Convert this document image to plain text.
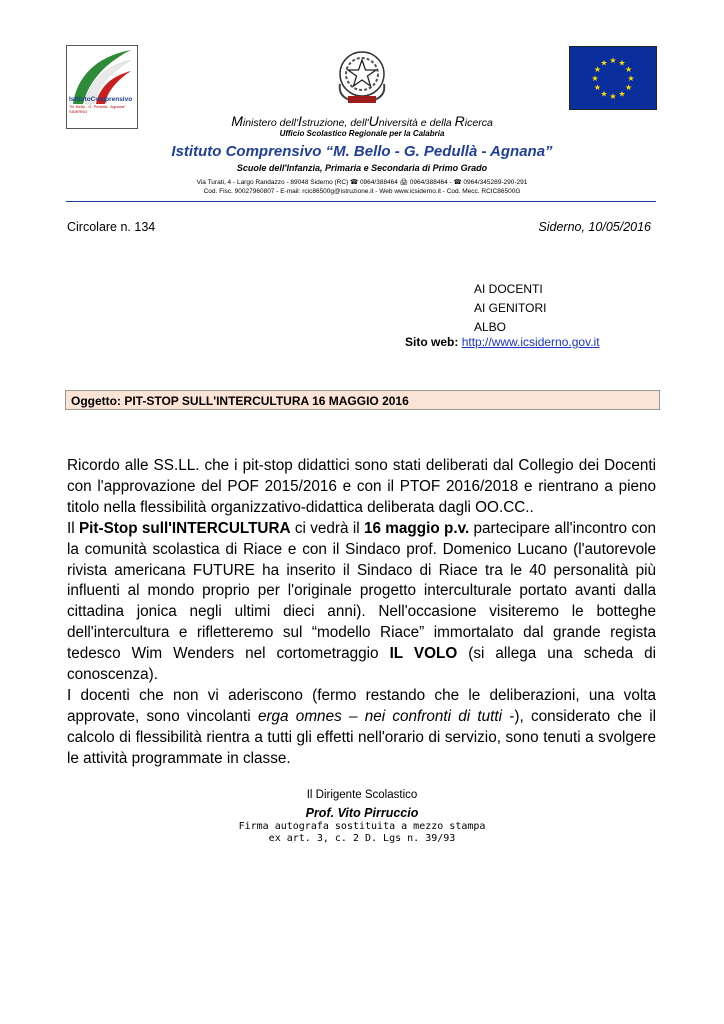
IstitutoComprensivo
"M. Bello - G. Pedullà - Agnana" SIDERNO
★ ★
★
★
★
★
★
★
★
★
★
★
Ministero dell'Istruzione, dell'Università e della Ricerca
Ufficio Scolastico Regionale per la Calabria
Istituto Comprensivo “M. Bello - G. Pedullà - Agnana”
Scuole dell'Infanzia, Primaria e Secondaria di Primo Grado
Via Turati, 4 - Largo Randazzo - 89048 Siderno (RC) ☎ 0964/388464 🖨 0964/388464 - ☎ 0964/345289-290-291
Cod. Fisc. 90027960807 - E-mail: rcic86500g@istruzione.it - Web www.icsiderno.it - Cod. Mecc. RCIC86500G
Circolare n. 134	Siderno, 10/05/2016
AI DOCENTI
AI GENITORI
ALBO
Sito web: http://www.icsiderno.gov.it
Oggetto: PIT-STOP SULL'INTERCULTURA 16 MAGGIO 2016

Ricordo alle SS.LL. che i pit-stop didattici sono stati deliberati dal Collegio dei Docenti con l'approvazione del POF 2015/2016 e con il PTOF 2016/2018 e rientrano a pieno titolo nella flessibilità organizzativo-didattica deliberata dagli OO.CC..

Il Pit-Stop sull'INTERCULTURA ci vedrà il 16 maggio p.v. partecipare all'incontro con la comunità scolastica di Riace e con il Sindaco prof. Domenico Lucano (l'autorevole rivista americana FUTURE ha inserito il Sindaco di Riace tra le 40 personalità più influenti al mondo proprio per l'originale progetto interculturale portato avanti dalla cittadina jonica negli ultimi dieci anni). Nell'occasione visiteremo le botteghe dell'intercultura e rifletteremo sul “modello Riace” immortalato dal grande regista tedesco Wim Wenders nel cortometraggio IL VOLO (si allega una scheda di conoscenza).

I docenti che non vi aderiscono (fermo restando che le deliberazioni, una volta approvate, sono vincolanti erga omnes – nei confronti di tutti -), considerato che il calcolo di flessibilità rientra a tutti gli effetti nell'orario di servizio, sono tenuti a svolgere le attività programmate in classe.

Il Dirigente Scolastico
Prof. Vito Pirruccio
Firma autografa sostituita a mezzo stampa
ex art. 3, c. 2 D. Lgs n. 39/93
